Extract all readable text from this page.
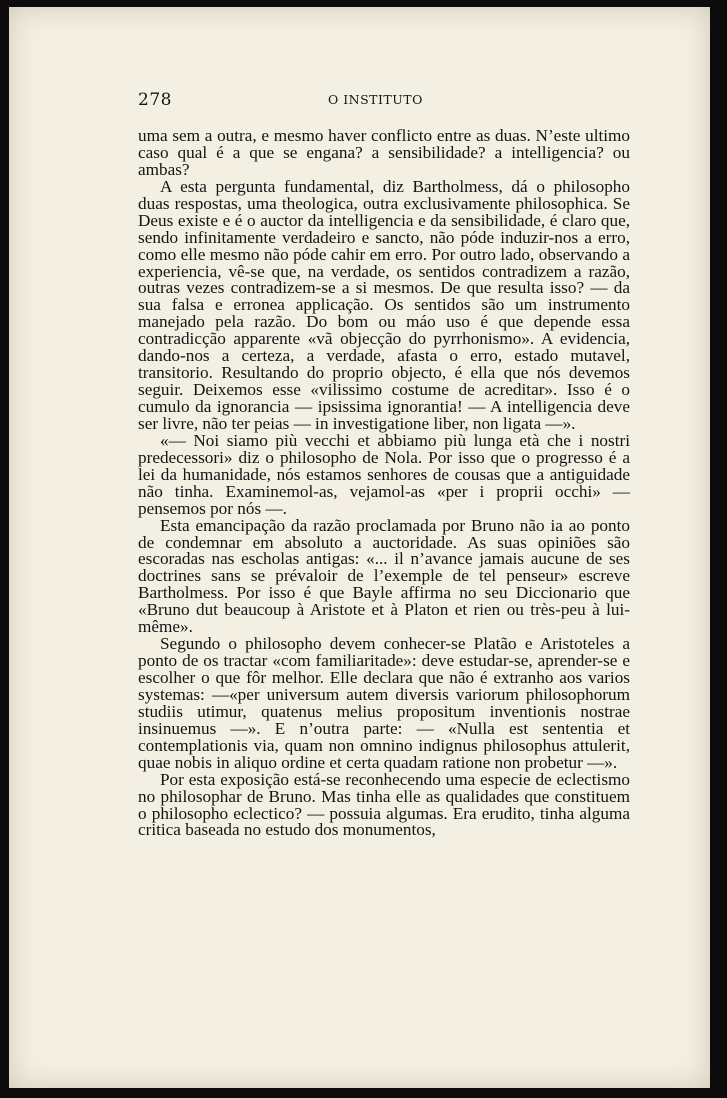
278	O INSTITUTO

uma sem a outra, e mesmo haver conflicto entre as duas. N’este ultimo caso qual é a que se engana? a sensibilidade? a intelligencia? ou ambas?

A esta pergunta fundamental, diz Bartholmess, dá o philosopho duas respostas, uma theologica, outra exclusivamente philosophica. Se Deus existe e é o auctor da intelligencia e da sensibilidade, é claro que, sendo infinitamente verdadeiro e sancto, não póde induzir-nos a erro, como elle mesmo não póde cahir em erro. Por outro lado, observando a experiencia, vê-se que, na verdade, os sentidos contradizem a razão, outras vezes contradizem-se a si mesmos. De que resulta isso? — da sua falsa e erronea applicação. Os sentidos são um instrumento manejado pela razão. Do bom ou máo uso é que depende essa contradicção apparente «vã objecção do pyrrhonismo». A evidencia, dando-nos a certeza, a verdade, afasta o erro, estado mutavel, transitorio. Resultando do proprio objecto, é ella que nós devemos seguir. Deixemos esse «vilissimo costume de acreditar». Isso é o cumulo da ignorancia — ipsissima ignorantia! — A intelligencia deve ser livre, não ter peias — in investigatione liber, non ligata —».

«— Noi siamo più vecchi et abbiamo più lunga età che i nostri predecessori» diz o philosopho de Nola. Por isso que o progresso é a lei da humanidade, nós estamos senhores de cousas que a antiguidade não tinha. Examinemol-as, vejamol-as «per i proprii occhi» — pensemos por nós —.

Esta emancipação da razão proclamada por Bruno não ia ao ponto de condemnar em absoluto a auctoridade. As suas opiniões são escoradas nas escholas antigas: «... il n’avance jamais aucune de ses doctrines sans se prévaloir de l’exemple de tel penseur» escreve Bartholmess. Por isso é que Bayle affirma no seu Diccionario que «Bruno dut beaucoup à Aristote et à Platon et rien ou très-peu à lui-même».

Segundo o philosopho devem conhecer-se Platão e Aristoteles a ponto de os tractar «com familiaritade»: deve estudar-se, aprender-se e escolher o que fôr melhor. Elle declara que não é extranho aos varios systemas: —«per universum autem diversis variorum philosophorum studiis utimur, quatenus melius propositum inventionis nostrae insinuemus —». E n’outra parte: — «Nulla est sententia et contemplationis via, quam non omnino indignus philosophus attulerit, quae nobis in aliquo ordine et certa quadam ratione non probetur —».

Por esta exposição está-se reconhecendo uma especie de eclectismo no philosophar de Bruno. Mas tinha elle as qualidades que constituem o philosopho eclectico? — possuia algumas. Era erudito, tinha alguma critica baseada no estudo dos monumentos,
